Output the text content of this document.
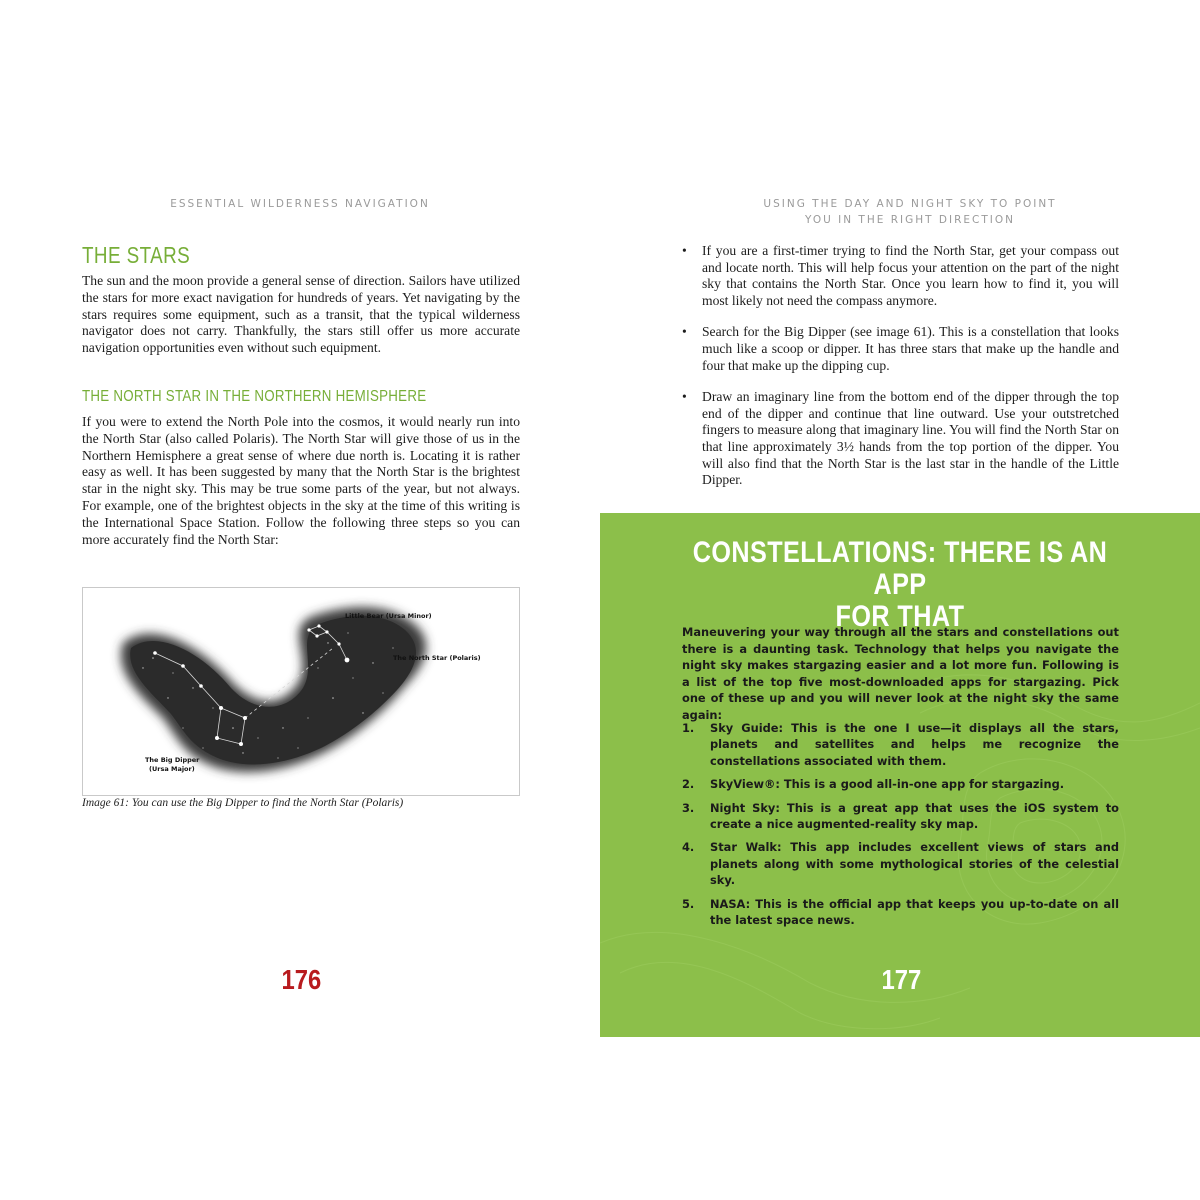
ESSENTIAL WILDERNESS NAVIGATION
THE STARS
The sun and the moon provide a general sense of direction. Sailors have utilized the stars for more exact navigation for hundreds of years. Yet navigating by the stars requires some equipment, such as a transit, that the typical wilderness navigator does not carry. Thankfully, the stars still offer us more accurate navigation opportunities even without such equipment.
THE NORTH STAR IN THE NORTHERN HEMISPHERE
If you were to extend the North Pole into the cosmos, it would nearly run into the North Star (also called Polaris). The North Star will give those of us in the Northern Hemisphere a great sense of where due north is. Locating it is rather easy as well. It has been suggested by many that the North Star is the brightest star in the night sky. This may be true some parts of the year, but not always. For example, one of the brightest objects in the sky at the time of this writing is the International Space Station. Follow the following three steps so you can more accurately find the North Star:
Little Bear (Ursa Minor)
The North Star (Polaris)
The Big Dipper
(Ursa Major)
Image 61: You can use the Big Dipper to find the North Star (Polaris)
176
USING THE DAY AND NIGHT SKY TO POINT
YOU IN THE RIGHT DIRECTION
• If you are a first-timer trying to find the North Star, get your compass out and locate north. This will help focus your attention on the part of the night sky that contains the North Star. Once you learn how to find it, you will most likely not need the compass anymore.
• Search for the Big Dipper (see image 61). This is a constellation that looks much like a scoop or dipper. It has three stars that make up the handle and four that make up the dipping cup.
• Draw an imaginary line from the bottom end of the dipper through the top end of the dipper and continue that line outward. Use your outstretched fingers to measure along that imaginary line. You will find the North Star on that line approximately 3½ hands from the top portion of the dipper. You will also find that the North Star is the last star in the handle of the Little Dipper.
CONSTELLATIONS: THERE IS AN APP
FOR THAT
Maneuvering your way through all the stars and constellations out there is a daunting task. Technology that helps you navigate the night sky makes stargazing easier and a lot more fun. Following is a list of the top five most-downloaded apps for stargazing. Pick one of these up and you will never look at the night sky the same again:
1. Sky Guide: This is the one I use—it displays all the stars, planets and satellites and helps me recognize the constellations associated with them.
2. SkyView®: This is a good all-in-one app for stargazing.
3. Night Sky: This is a great app that uses the iOS system to create a nice augmented-reality sky map.
4. Star Walk: This app includes excellent views of stars and planets along with some mythological stories of the celestial sky.
5. NASA: This is the official app that keeps you up-to-date on all the latest space news.
177
